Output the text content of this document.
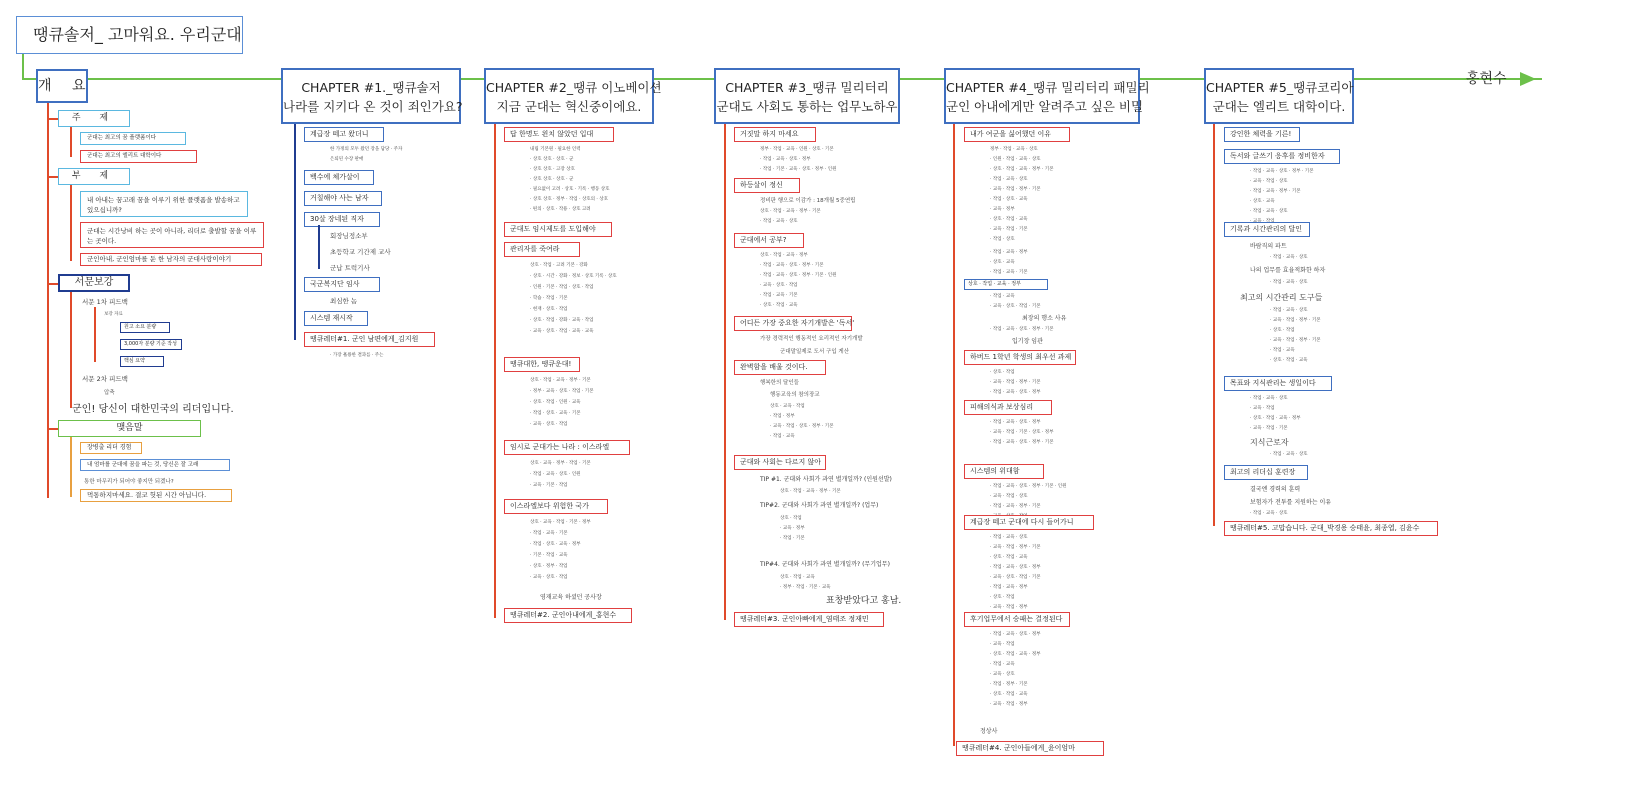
홍현수
땡큐솔저_ 고마워요. 우리군대
개 요
주 제
군대는 최고의 꿈 플랫폼이다
군대는 최고의 엘리트 대학이다
부 제
내 아내는 꿈고래 꿈을 이루기 위한 플랫폼을 발송하고 있으십니까?
군대는 시간낭비 하는 곳이 아니라, 리더로 출발할 꿈을 이루는 곳이다.
군인아내, 군인엄마를 둔 한 남자의 군대사랑이야기
서문보강
서문 1차 피드백
보강 자료
원고 소요 분량
3,000자 분량 기준 작성
핵심 요약
서문 2차 피드백
압축
군인! 당신이 대한민국의 리더입니다.
맺음말
장병출 리더 경험
내 엄마를 군대에 꿈을 파는 것, 당신은 잘 고래
통한 마무리가 되어야 좋지만 되겠나?
먹통하지마세요. 결코 헛된 시간 아닙니다.
CHAPTER #1._땡큐솔저
나라를 지키다 온 것이 죄인가요?
계급장 떼고 왔더니
한 가정의 모두 왔던 장을 담당 · 주자
은퇴된 수장 판매
백수에 체가살이
거칠해야 사는 남자
30살 장네된 직자
회장님정소부
초등학교 기간제 교사
군납 트럭기사
국군복지단 임사
최심한 놈
시스템 재시작
땡큐레터#1. 군인 남편에게_김지원
· 가장 훌륭한 결과를 · 주는
CHAPTER #2_땡큐 이노베이션
지금 군대는 혁신중이에요.
답 한명도 왼치 않았던 입대
내림 기본원 · 필요한 인력
· 상호 상호 · 상호 · 군
· 상호 상호 · 고장 상호
· 상호 상호 · 상호 · 군
· 필요없이 고려 · 상호 · 기록 · 행동 상호
· 상호 상호 · 정부 · 작업 · 상호의 · 상호
· 편의 · 상호 · 작용 · 상호 고려
군대도 임시제도를 도입해야
관리자를 죽여라
상호 · 작업 · 고려 기본 · 강화
· 상호 · 시간 · 강화 · 정보 · 상호 기록 · 상호
· 인원 · 기본 · 작업 · 상호 · 작업
· 학습 · 작업 · 기본
· 현재 · 상호 · 작업
· 상호 · 작업 · 강화 · 교육 · 작업
· 교육 · 상호 · 작업 · 교육 · 교육
땡큐대한, 땡큐운대!
상호 · 작업 · 교육 · 정부 · 기본
· 정부 · 교육 · 상호 · 작업 · 기본
· 상호 · 작업 · 인원 · 교육
· 작업 · 상호 · 교육 · 기본
· 교육 · 상호 · 작업
임시로 군대가는 나라 : 이스라엘
상호 · 교육 · 정부 · 작업 · 기본
· 작업 · 교육 · 상호 · 인원
· 교육 · 기본 · 작업
이스라엘보다 위험한 국가
상호 · 교육 · 작업 · 기본 · 정부
· 작업 · 교육 · 기본
· 작업 · 상호 · 교육 · 정부
· 기본 · 작업 · 교육
· 상호 · 정부 · 작업
· 교육 · 상호 · 작업
영재교육 하셨던 공사장
땡큐레터#2. 군인아내에게_홍현수
CHAPTER #3_땡큐 밀리터리
군대도 사회도 통하는 업무노하우
거짓말 하지 마세요
정부 · 작업 · 교육 · 인원 · 상호 · 기본
· 작업 · 교육 · 상호 · 정부
· 작업 · 기본 · 교육 · 상호 · 정부 · 인원
하등살이 정신
정비판 행으로 이감가 : 18개월 5중연립
상호 · 작업 · 교육 · 정부 · 기본
· 작업 · 교육 · 상호
군대에서 공부?
상호 · 작업 · 교육 · 정부
· 작업 · 교육 · 상호 · 정부 · 기본
· 작업 · 교육 · 상호 · 정부 · 기본 · 인원
· 교육 · 상호 · 작업
· 작업 · 교육 · 기본
· 상호 · 작업 · 교육
어디든 가장 중요한 자기개발은 '독서'
가장 경력적인 행동적인 요리적인 자기개발
군대말일제로 도서 구입 게산
완벽함을 배울 것이다.
행복한의 달인들
행동교육의 참의장교
상호 · 교육 · 작업
· 작업 · 정부
· 교육 · 작업 · 상호 · 정부 · 기본
· 작업 · 교육
군대와 사회는 다르지 않아
TIP #1. 군대와 사회가 과연 별개일까? (인원선발)
상호 · 작업 · 교육 · 정부 · 기본
TIP#2. 군대와 사회가 과연 별개일까? (업무)
상호 · 작업
· 교육 · 정부
· 작업 · 기본
TIP#4. 군대와 사회가 과연 별개일까? (무기업무)
상호 · 작업 · 교육
· 정부 · 작업 · 기본 · 교육
표창받았다고 홍남.
땡큐레터#3. 군인아빠에게_염태조 정재민
CHAPTER #4_땡큐 밀리터리 패밀리
군인 아내에게만 알려주고 싶은 비밀
내가 여군을 싫어했던 이유
정부 · 작업 · 교육 · 상호
· 인원 · 작업 · 교육 · 상호
· 상호 · 작업 · 교육 · 정부 · 기본
· 작업 · 교육 · 상호
· 교육 · 작업 · 정부 · 기본
· 작업 · 상호 · 교육
· 교육 · 정부
· 상호 · 작업 · 교육
· 교육 · 작업 · 기본
· 작업 · 상호
· 작업 · 교육 · 정부
· 상호 · 교육
· 작업 · 교육 · 기본
상호 · 작업 · 교육 · 정부
· 작업 · 교육
· 교육 · 상호 · 작업 · 기본
최장의 행소 사유
· 작업 · 교육 · 상호 · 정부 · 기본
입기장 임관
하버드 1학년 학생의 최우선 과제
· 상호 · 작업
· 교육 · 작업 · 정부 · 기본
· 작업 · 교육 · 상호 · 정부
피해의식과 보상심리
· 작업 · 교육 · 상호 · 정부
· 교육 · 작업 · 기본 · 상호 · 정부
· 작업 · 교육 · 상호 · 정부 · 기본
시스템의 위대함
· 작업 · 교육 · 상호 · 정부 · 기본 · 인원
· 교육 · 작업 · 상호
· 작업 · 교육 · 정부 · 기본

계급장 떼고 군대에 다시 들어가니
· 작업 · 교육 · 상호
· 교육 · 작업 · 정부 · 기본
· 상호 · 작업 · 교육
· 작업 · 교육 · 상호 · 정부
· 교육 · 상호 · 작업 · 기본
· 작업 · 교육 · 정부
· 상호 · 작업
· 교육 · 작업 · 정부
후기업무에서 승패는 결정된다
· 작업 · 교육 · 상호 · 정부
· 교육 · 작업
· 상호 · 작업 · 교육 · 정부
· 작업 · 교육
· 교육 · 상호
· 작업 · 정부 · 기본
· 상호 · 작업 · 교육
· 교육 · 작업 · 정부
정상사
땡큐레터#4. 군인아들에게_윤이엄마
CHAPTER #5_땡큐코리아
군대는 엘리트 대학이다.
강인한 체력을 기른!
독서와 글쓰기 응후를 정비한자
· 작업 · 교육 · 상호 · 정부 · 기본
· 교육 · 작업 · 상호
· 작업 · 교육 · 정부 · 기본
· 상호 · 교육
· 작업 · 교육 · 상호

기록과 시간관리의 달인
바람직의 파트
· 작업 · 교육 · 상호
나의 업무를 효율적화한 하자
· 작업 · 교육 · 상호
최고의 시간관리 도구들
· 작업 · 교육 · 상호
· 교육 · 작업 · 정부 · 기본
· 상호 · 작업
· 교육 · 작업 · 정부 · 기본
· 작업 · 교육
· 상호 · 작업 · 교육
목표와 지식관리는 생일이다
· 작업 · 교육 · 상호
· 교육 · 작업
· 상호 · 작업 · 교육 · 정부
· 교육 · 작업 · 기본
지식근로자
· 작업 · 교육 · 상호
최고의 리더십 훈련장
결국엔 경력의 훈력
보험자가 전투를 지원하는 이유
· 작업 · 교육 · 상호
땡큐레터#5. 고맙습니다. 군대_박경용 승태윤, 최종엽, 김윤수
